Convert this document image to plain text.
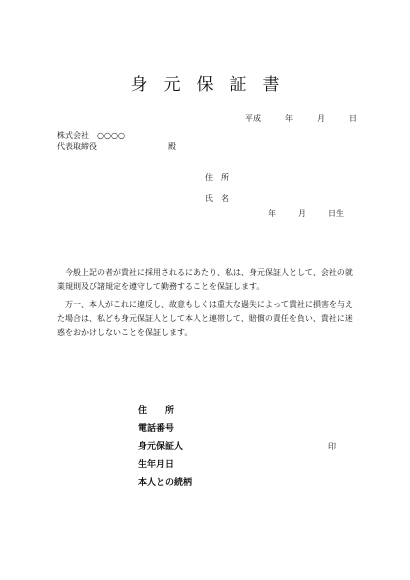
身元保証書
平成	年	月	日
株式会社　○○○○
代表取締役	殿
住所
氏名
年	月	日生

今般上記の者が貴社に採用されるにあたり、私は、身元保証人として、会社の就業規則及び諸規定を遵守して勤務することを保証します。

万一、本人がこれに違反し、故意もしくは重大な過失によって貴社に損害を与えた場合は、私ども身元保証人として本人と連帯して、賠償の責任を負い、貴社に迷惑をおかけしないことを保証します。

住所
電話番号
身元保証人	印
生年月日
本人との続柄
